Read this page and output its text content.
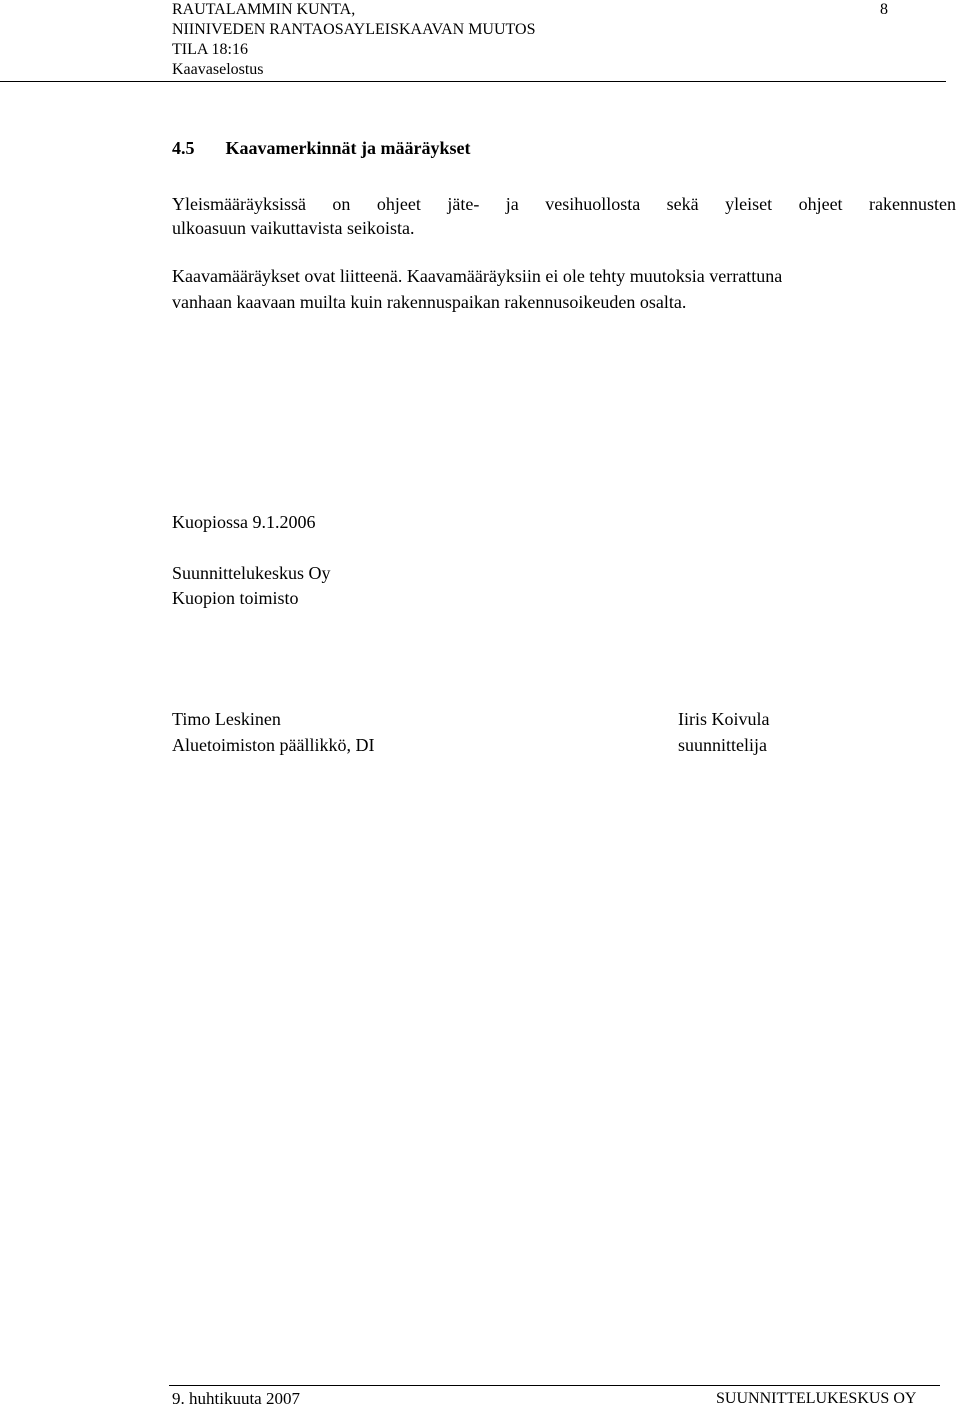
RAUTALAMMIN KUNTA,
NIINIVEDEN RANTAOSAYLEISKAAVAN MUUTOS
TILA 18:16
Kaavaselostus
8
4.5 Kaavamerkinnät ja määräykset
Yleismääräyksissä on ohjeet jäte- ja vesihuollosta sekä yleiset ohjeet rakennusten
ulkoasuun vaikuttavista seikoista.
Kaavamääräykset ovat liitteenä. Kaavamääräyksiin ei ole tehty muutoksia verrattuna
vanhaan kaavaan muilta kuin rakennuspaikan rakennusoikeuden osalta.
Kuopiossa 9.1.2006
Suunnittelukeskus Oy
Kuopion toimisto
Timo Leskinen
Aluetoimiston päällikkö, DI
Iiris Koivula
suunnittelija
9. huhtikuuta 2007	SUUNNITTELUKESKUS OY
